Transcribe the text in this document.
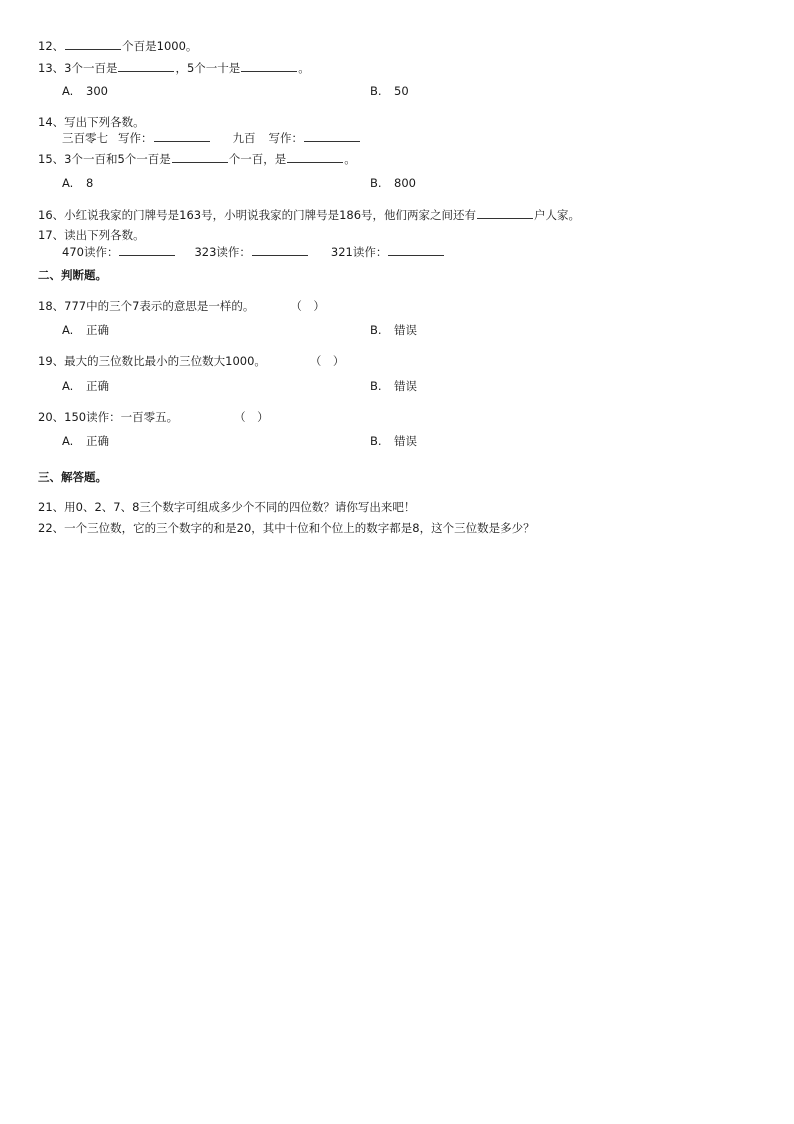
12、	个百是1000。
13、3个一百是	，5个一十是	。
A. 300	B. 50
14、写出下列各数。
三百零七 写作：	九百 写作：
15、3个一百和5个一百是	个一百，是	。
A. 8	B. 800
16、小红说我家的门牌号是163号，小明说我家的门牌号是186号，他们两家之间还有	户人家。
17、读出下列各数。
470读作：	323读作：	321读作：
二、判断题。
18、777中的三个7表示的意思是一样的。	（　）
A. 正确	B. 错误
19、最大的三位数比最小的三位数大1000。	（　）
A. 正确	B. 错误
20、150读作：一百零五。	（　）
A. 正确	B. 错误
三、解答题。
21、用0、2、7、8三个数字可组成多少个不同的四位数？请你写出来吧！
22、一个三位数，它的三个数字的和是20，其中十位和个位上的数字都是8，这个三位数是多少？
